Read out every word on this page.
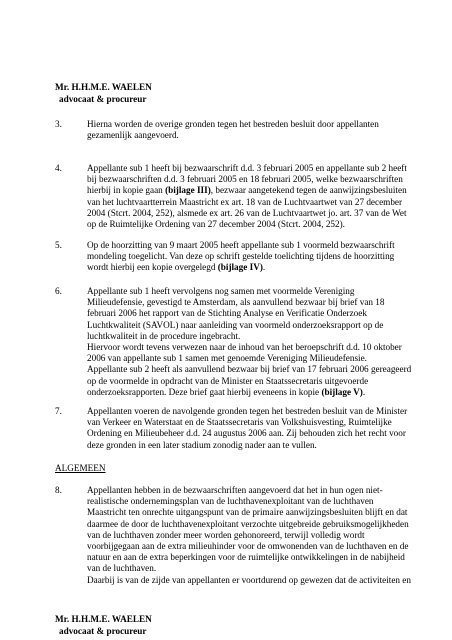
Mr. H.H.M.E. WAELEN
advocaat & procureur
3.	Hierna worden de overige gronden tegen het bestreden besluit door appellanten
gezamenlijk aangevoerd.
4.	Appellante sub 1 heeft bij bezwaarschrift d.d. 3 februari 2005 en appellante sub 2 heeft
bij bezwaarschriften d.d. 3 februari 2005 en 18 februari 2005, welke bezwaarschriften
hierbij in kopie gaan (bijlage III), bezwaar aangetekend tegen de aanwijzingsbesluiten
van het luchtvaartterrein Maastricht ex art. 18 van de Luchtvaartwet van 27 december
2004 (Stcrt. 2004, 252), alsmede ex art. 26 van de Luchtvaartwet jo. art. 37 van de Wet
op de Ruimtelijke Ordening van 27 december 2004 (Stcrt. 2004, 252).
5.	Op de hoorzitting van 9 maart 2005 heeft appellante sub 1 voormeld bezwaarschrift
mondeling toegelicht. Van deze op schrift gestelde toelichting tijdens de hoorzitting
wordt hierbij een kopie overgelegd (bijlage IV).
6.	Appellante sub 1 heeft vervolgens nog samen met voormelde Vereniging
Milieudefensie, gevestigd te Amsterdam, als aanvullend bezwaar bij brief van 18
februari 2006 het rapport van de Stichting Analyse en Verificatie Onderzoek
Luchtkwaliteit (SAVOL) naar aanleiding van voormeld onderzoeksrapport op de
luchtkwaliteit in de procedure ingebracht.
Hiervoor wordt tevens verwezen naar de inhoud van het beroepschrift d.d. 10 oktober
2006 van appellante sub 1 samen met genoemde Vereniging Milieudefensie.
Appellante sub 2 heeft als aanvullend bezwaar bij brief van 17 februari 2006 gereageerd
op de voormelde in opdracht van de Minister en Staatssecretaris uitgevoerde
onderzoeksrapporten. Deze brief gaat hierbij eveneens in kopie (bijlage V).
7.	Appellanten voeren de navolgende gronden tegen het bestreden besluit van de Minister
van Verkeer en Waterstaat en de Staatssecretaris van Volkshuisvesting, Ruimtelijke
Ordening en Milieubeheer d.d. 24 augustus 2006 aan. Zij behouden zich het recht voor
deze gronden in een later stadium zonodig nader aan te vullen.
ALGEMEEN
8.	Appellanten hebben in de bezwaarschriften aangevoerd dat het in hun ogen niet-
realistische ondernemingsplan van de luchthavenexploitant van de luchthaven
Maastricht ten onrechte uitgangspunt van de primaire aanwijzingsbesluiten blijft en dat
daarmee de door de luchthavenexploitant verzochte uitgebreide gebruiksmogelijkheden
van de luchthaven zonder meer worden gehonoreerd, terwijl volledig wordt
voorbijgegaan aan de extra milieuhinder voor de omwonenden van de luchthaven en de
natuur en aan de extra beperkingen voor de ruimtelijke ontwikkelingen in de nabijheid
van de luchthaven.
Daarbij is van de zijde van appellanten er voortdurend op gewezen dat de activiteiten en
Mr. H.H.M.E. WAELEN
advocaat & procureur
